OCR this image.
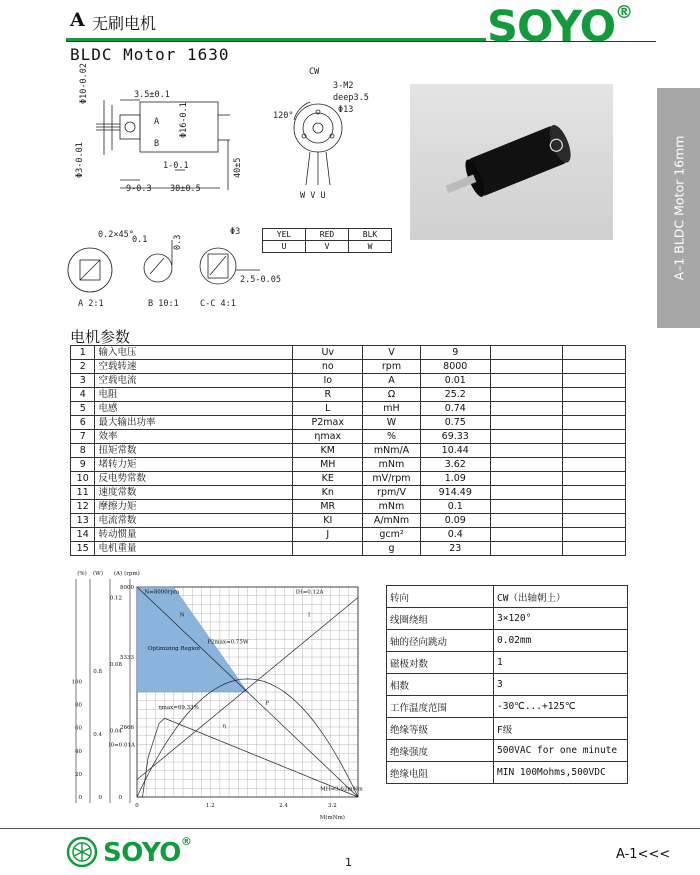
A 无刷电机
BLDC Motor 1630
SOYO®
A–1 BLDC Motor 16mm
3.5±0.1
Φ10-0.02
Φ16-0.1
A
B
1-0.1
9-0.3 30±0.5
Φ3-0.01	40±5
CW
3-M2
deep3.5
Φ13
120°
W V U
0.2×45°
0.1	0.3
Φ3
2.5-0.05
A 2:1	B 10:1	C-C 4:1
YEL	RED	BLK
U	V	W
电机参数
1	输入电压	Uv	V	9		
2	空载转速	no	rpm	8000		
3	空载电流	Io	A	0.01		
4	电阻	R	Ω	25.2		
5	电感	L	mH	0.74		
6	最大输出功率	P2max	W	0.75		
7	效率	ηmax	%	69.33		
8	扭矩常数	KM	mNm/A	10.44		
9	堵转力矩	MH	mNm	3.62		
10	反电势常数	KE	mV/rpm	1.09		
11	速度常数	Kn	rpm/V	914.49		
12	摩擦力矩	MR	mNm	0.1		
13	电流常数	KI	A/mNm	0.09		
14	转动惯量	J	gcm²	0.4		
15	电机重量		g	23		
(%) (W) (A) (rpm)
0	1.2	2.4	3.2
M(mNm)
8000
5333
2666
0.12
0.08
0.04
0
0.8
0.4
0
100
80
60
40
20
0
N=8000rpm	IH=0.12A
Optimizing Region
P2max=0.75W
ηmax=69.33%
MH=3.62mNm
I0=0.01A
N	I
P
η
转向	CW（出轴朝上）
线圈绕组	3×120°
轴的径向跳动	0.02mm
磁极对数	1
相数	3
工作温度范围	-30℃...+125℃
绝缘等级	F级
绝缘强度	500VAC for one minute
绝缘电阻	MIN 100Mohms,500VDC
SOYO®
1
A-1<<<
